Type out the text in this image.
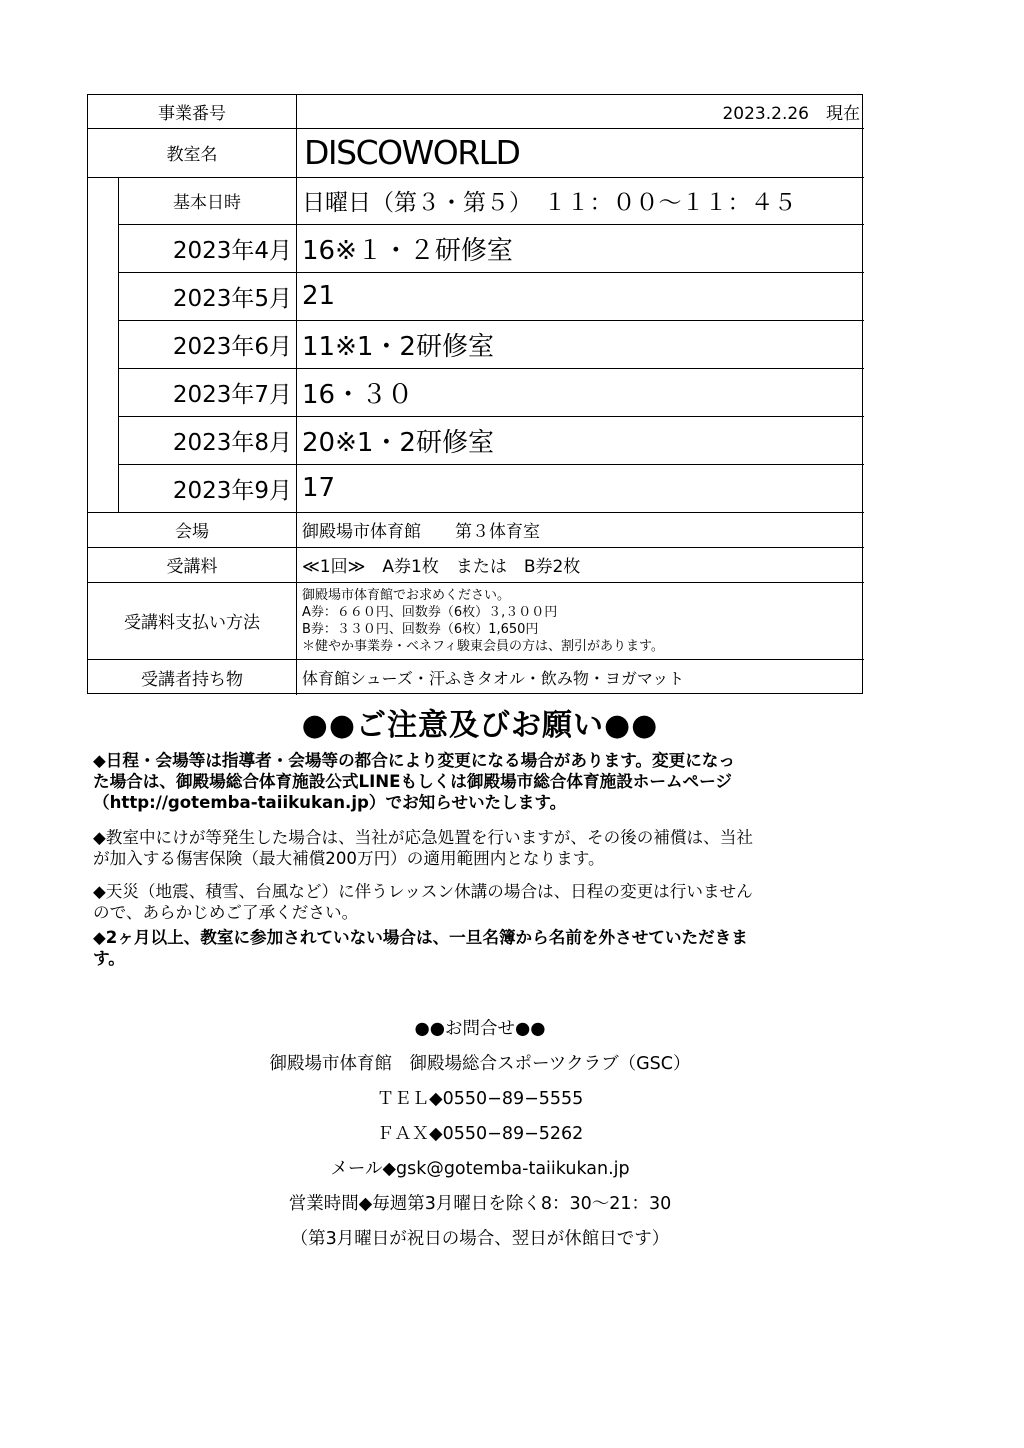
事業番号	2023.2.26　現在
教室名	DISCOWORLD
基本日時	日曜日（第３・第５）　１１：００～１１：４５
2023年4月 16※１・２研修室
2023年5月 21
2023年6月 11※1・2研修室
2023年7月 16・３０
2023年8月 20※1・2研修室
2023年9月 17
会場	御殿場市体育館　　第３体育室
受講料	≪1回≫　A券1枚　または　B券2枚
受講料支払い方法
御殿場市体育館でお求めください。
A券：６６０円、回数券（6枚）３,３００円
B券：３３０円、回数券（6枚）1,650円
＊健やか事業券・ベネフィ駿東会員の方は、割引があります。
受講者持ち物	体育館シューズ・汗ふきタオル・飲み物・ヨガマット
●●ご注意及びお願い●●

◆日程・会場等は指導者・会場等の都合により変更になる場合があります。変更になっ

た場合は、御殿場総合体育施設公式LINEもしくは御殿場市総合体育施設ホームページ

（http://gotemba-taiikukan.jp）でお知らせいたします。

◆教室中にけが等発生した場合は、当社が応急処置を行いますが、その後の補償は、当社

が加入する傷害保険（最大補償200万円）の適用範囲内となります。

◆天災（地震、積雪、台風など）に伴うレッスン休講の場合は、日程の変更は行いません

ので、あらかじめご了承ください。

◆2ヶ月以上、教室に参加されていない場合は、一旦名簿から名前を外させていただきま

す。

●●お問合せ●●
御殿場市体育館　御殿場総合スポーツクラブ（GSC）
ＴＥＬ◆0550−89−5555
ＦＡＸ◆0550−89−5262
メール◆gsk@gotemba-taiikukan.jp
営業時間◆毎週第3月曜日を除く8：30〜21：30
（第3月曜日が祝日の場合、翌日が休館日です）
